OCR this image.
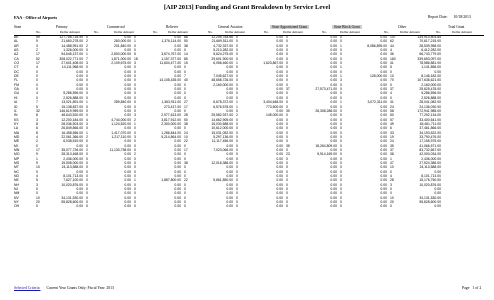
[AIP 2013] Funding and Grant Breakdown by Service Level
FAA - Office of Airports	Report Date: 10/18/2013
State	Primary	Commercial	Reliever	General Aviation	State Apportioned Grant	State Block Grant	Other	Total Grant
No.	Dollar Amount	No.	Dollar Amount	No.	Dollar Amount	No.	Dollar Amount	No.	Dollar Amount	No.	Dollar Amount	No.	Dollar Amount	No.	Dollar Amount
AK	59	127,708,718.99	0	0.00	0	0.00	88	12,205,784.66	0	0.00	0	0.00	0	0.00	147	139,914,503.65
AL	9	21,660,278.00	2	260,000.00	1	1,376,114.00	50	21,669,511.00	0	0.00	0	0.00	0	0.00	62	70,617,215.00
AR	3	14,488,951.00	2	201,840.00	0	0.00	38	4,732,337.00	0	0.00	0	0.00	1	8,086,895.00	44	28,539,958.00
AS	2	1,326,000.00	0	0.00	0	0.00	0	5,210,282.00	0	0.00	0	0.00	0	0.00	4	6,412,282.00
AZ	17	54,645,137.00	1	2,800,000.00	5	3,674,767.00	14	5,624,275.00	0	0.00	0	0.00	0	0.00	36	66,743,779.00
CA	52	308,022,771.00	7	1,871,000.00	18	1,157,377.00	85	29,601,900.00	0	0.00	0	0.00	0	0.00	160	339,653,097.00
CO	17	27,601,408.00	3	2,109,675.00	3	11,604,477.00	15	6,056,460.00	1	1,623,867.00	0	0.00	0	0.00	41	78,586,881.00
CT	4	14,111,968.00	0	0.00	0	0.00	0	0.00	0	0.00	0	0.00	1	0.00	5	1,141,856.00
DC	0	0.00	0	0.00	0	0.00	0	0.00	0	0.00	0	0.00	0	0.00	0	0.00
DE	0	0.00	0	0.00	0	0.00	7	7,045,627.00	0	0.00	0	0.00	1	128,000.00	10	8,146,182.00
FL	0	0.00	0	0.00	0	14,105,435.00	40	48,658,726.00	0	0.00	0	0.00	3	0.00	70	107,636,621.00
FM	0	0.00	0	0.00	0	0.00	0	2,160,000.00	0	0.00	0	0.00	0	0.00	0	2,160,000.00
GA	0	0.00	0	0.00	0	0.00	0	0.00	0	0.00	37	27,573,471.00	0	0.00	37	25,625,478.00
GU	4	5,286,596.00	0	0.00	0	0.00	0	0.00	0	0.00	0	0.00	0	0.00	4	5,286,596.00
HI	0	2,526,888.00	0	0.00	0	0.00	0	0.00	0	0.00	0	0.00	0	0.00	0	2,526,888.00
IA	7	13,021,891.00	1	289,840.00	0	1,363,911.00	27	6,678,372.00	1	3,404,648.00	0	0.00	1	3,072,311.00	41	28,041,082.00
ID	5	15,138,837.00	0	0.00	0	273,417.00	17	6,576,578.00	1	773,500.00	0	0.00	0	0.00	24	24,136,030.00
IL	32	146,619,959.00	0	0.00	0	0.00	0	0.00	0	0.00	30	26,308,286.00	0	0.00	58	172,941,985.00
IN	8	48,643,520.00	0	0.00	3	2,977,613.00	28	25,582,937.00	2	145,000.00	0	0.00	0	0.00	50	77,292,134.00
KS	3	12,200,184.00	4	4,744,000.00	2	3,817,912.00	50	14,662,905.00	0	0.00	0	0.00	0	0.00	57	33,400,641.00
KY	8	28,036,503.00	3	1,124,520.00	1	2,300,000.00	38	15,030,688.00	0	0.00	0	0.00	0	0.00	49	45,461,711.00
LA	6	26,849,866.00	0	0.00	0	0.00	0	10,612,000.00	0	0.00	0	0.00	0	0.00	6	37,461,866.00
MA	8	16,458,556.00	1	1,417,070.00	0	1,286,844.00	24	15,031,052.00	0	0.00	0	0.00	0	0.00	33	34,193,522.00
MD	4	22,061,366.00	2	1,217,110.00	3	5,214,864.00	10	5,297,136.00	0	0.00	0	0.00	0	0.00	19	33,790,476.00
ME	2	6,038,519.00	0	0.00	0	0.00	22	11,117,456.00	0	0.00	0	0.00	0	0.00	24	17,155,975.00
MI	0	0.00	0	0.00	0	0.00	0	0.00	0	0.00	35	18,264,809.00	0	0.00	35	41,066,571.00
MN	17	35,077,726.00	2	11,130,738.00	0	0.00	17	7,023,066.00	0	0.00	0	0.00	0	0.00	37	83,732,667.00
MO	9	28,313,468.00	0	0.00	2	0.00	0	0.00	0	0.00	23	5,914,169.00	0	0.00	38	42,000,034.00
MP	1	2,436,000.00	0	0.00	0	0.00	0	0.00	0	0.00	0	0.00	0	0.00	1	2,436,000.00
MS	9	15,508,000.00	0	0.00	0	0.00	38	12,016,386.00	0	0.00	0	0.00	0	0.00	47	27,524,386.00
MT	10	24,113,588.00	0	0.00	0	0.00	0	0.00	0	0.00	0	0.00	0	0.00	10	24,113,588.00
NC	0	0.00	0	0.00	0	0.00	0	0.00	0	0.00	0	0.00	0	0.00	0	0.00
ND	4	8,101,713.00	0	0.00	0	0.00	0	0.00	0	0.00	0	0.00	0	0.00	4	8,101,713.00
NE	5	7,627,100.00	0	0.00	1	1,887,800.00	22	5,661,850.00	0	0.00	0	0.00	0	0.00	28	15,176,750.00
NH	3	10,020,876.00	0	0.00	0	0.00	0	0.00	0	0.00	0	0.00	0	0.00	3	10,020,876.00
NJ	0	0.00	0	0.00	0	0.00	0	0.00	0	0.00	0	0.00	0	0.00	0	0.00
NM	0	0.00	0	0.00	0	0.00	0	0.00	0	0.00	0	0.00	0	0.00	0	0.00
NV	10	34,131,530.00	0	0.00	0	0.00	0	0.00	0	0.00	0	0.00	0	0.00	10	34,131,530.00
NY	20	55,828,600.00	0	0.00	0	0.00	0	0.00	0	0.00	0	0.00	0	0.00	20	55,828,600.00
OH	0	0.00	0	0.00	0	0.00	0	0.00	0	0.00	0	0.00	0	0.00	0	0.00
Selected Criteria: Current Year Grants Only; Fiscal Year: 2013	Page 1 of 2
